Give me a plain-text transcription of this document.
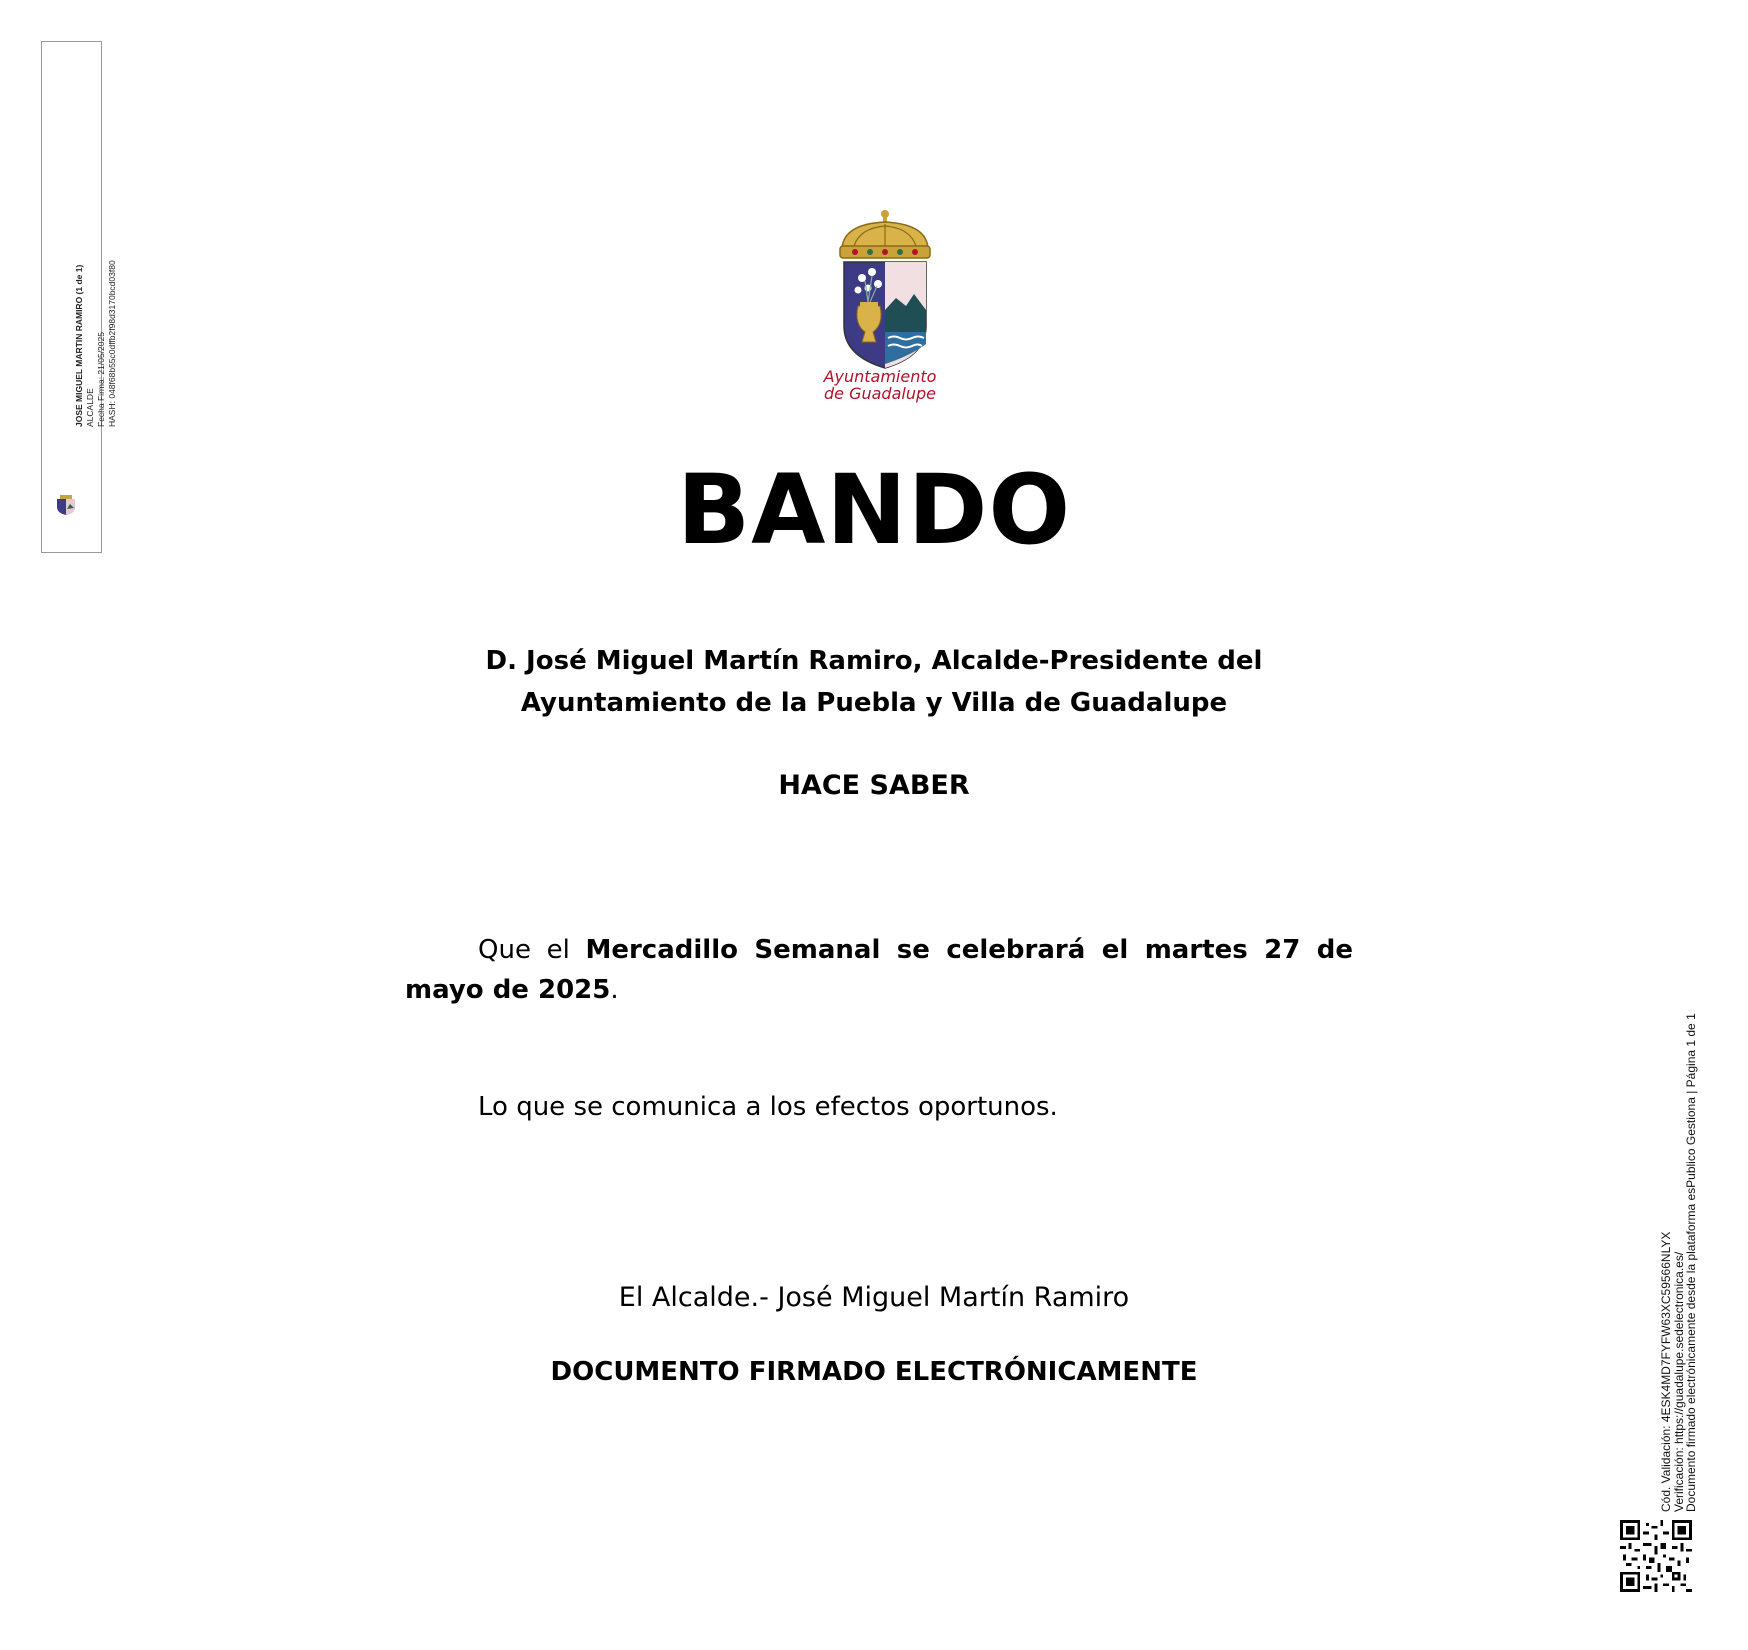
JOSE MIGUEL MARTIN RAMIRO (1 de 1) ALCALDE Fecha Firma: 21/05/2025 HASH: 048f68b55c0dffb2f98d3170bcd03f80	Ayuntamiento
de Guadalupe
BANDO
D. José Miguel Martín Ramiro, Alcalde-Presidente del
Ayuntamiento de la Puebla y Villa de Guadalupe
HACE SABER
Que el Mercadillo Semanal se celebrará el martes 27 de mayo de 2025.
Lo que se comunica a los efectos oportunos.
El Alcalde.- José Miguel Martín Ramiro
DOCUMENTO FIRMADO ELECTRÓNICAMENTE	Cód. Validación: 4ESK4MD7FYFW63XC59566NLYX
Verificación: https://guadalupe.sedelectronica.es/
Documento firmado electrónicamente desde la plataforma esPublico Gestiona | Página 1 de 1
